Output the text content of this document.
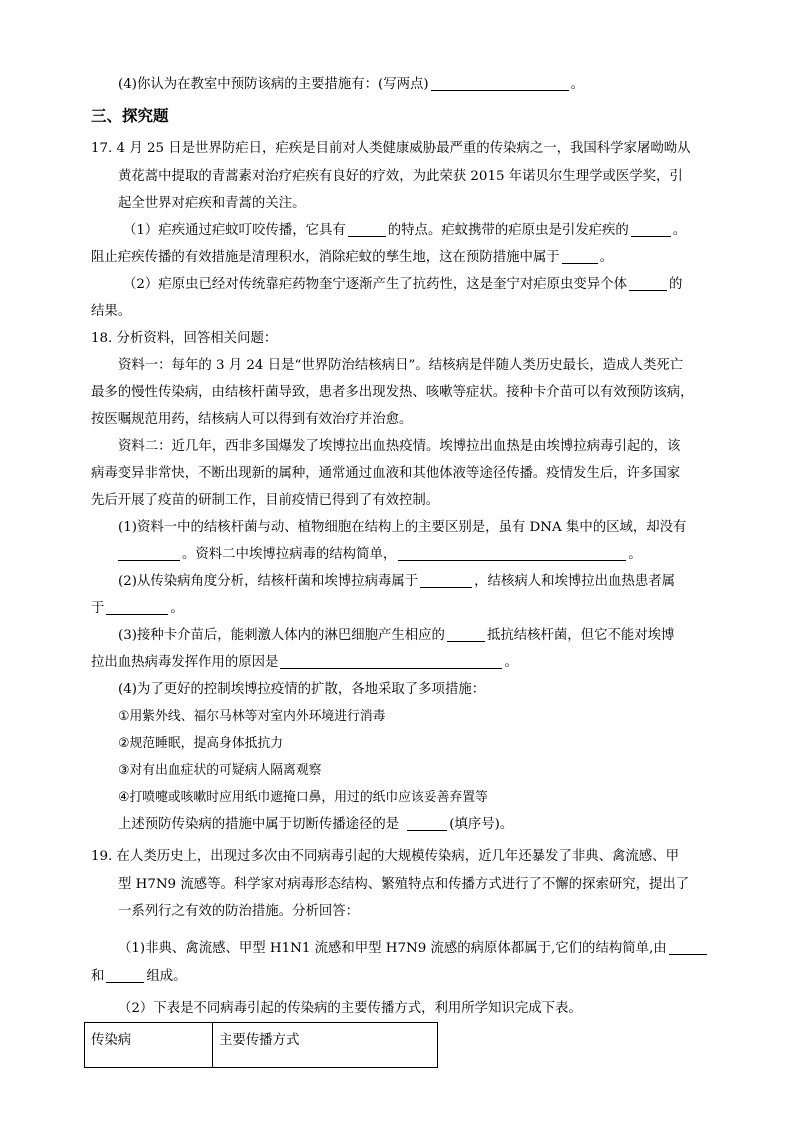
(4)你认为在教室中预防该病的主要措施有：(写两点)	。
三、探究题
17. 4 月 25 日是世界防疟日，疟疾是目前对人类健康威胁最严重的传染病之一，我国科学家屠呦呦从
黄花蒿中提取的青蒿素对治疗疟疾有良好的疗效，为此荣获 2015 年诺贝尔生理学或医学奖，引
起全世界对疟疾和青蒿的关注。
（1）疟疾通过疟蚊叮咬传播，它具有	的特点。疟蚊携带的疟原虫是引发疟疾的	。
阻止疟疾传播的有效措施是清理积水，消除疟蚊的孳生地，这在预防措施中属于	。
（2）疟原虫已经对传统靠疟药物奎宁逐渐产生了抗药性，这是奎宁对疟原虫变异个体	的
结果。
18. 分析资料，回答相关问题：
资料一：每年的 3 月 24 日是“世界防治结核病日”。结核病是伴随人类历史最长，造成人类死亡
最多的慢性传染病，由结核杆菌导致，患者多出现发热、咳嗽等症状。接种卡介苗可以有效预防该病，
按医嘱规范用药，结核病人可以得到有效治疗并治愈。
资料二：近几年，西非多国爆发了埃博拉出血热疫情。埃博拉出血热是由埃博拉病毒引起的，该
病毒变异非常快，不断出现新的属种，通常通过血液和其他体液等途径传播。疫情发生后，许多国家
先后开展了疫苗的研制工作，目前疫情已得到了有效控制。
(1)资料一中的结核杆菌与动、植物细胞在结构上的主要区别是，虽有 DNA 集中的区域，却没有
。资料二中埃博拉病毒的结构简单，	。
(2)从传染病角度分析，结核杆菌和埃博拉病毒属于	，结核病人和埃博拉出血热患者属
于	。
(3)接种卡介苗后，能刺激人体内的淋巴细胞产生相应的	抵抗结核杆菌，但它不能对埃博
拉出血热病毒发挥作用的原因是	。
(4)为了更好的控制埃博拉疫情的扩散，各地采取了多项措施：
①用紫外线、福尔马林等对室内外环境进行消毒
②规范睡眠，提高身体抵抗力
③对有出血症状的可疑病人隔离观察
④打喷嚏或咳嗽时应用纸巾遮掩口鼻，用过的纸巾应该妥善弃置等
上述预防传染病的措施中属于切断传播途径的是	(填序号)。
19. 在人类历史上，出现过多次由不同病毒引起的大规模传染病，近几年还暴发了非典、禽流感、甲
型 H7N9 流感等。科学家对病毒形态结构、繁殖特点和传播方式进行了不懈的探索研究，提出了
一系列行之有效的防治措施。分析回答：
（1)非典、禽流感、甲型 H1N1 流感和甲型 H7N9 流感的病原体都属于,它们的结构简单,由
和	组成。
（2）下表是不同病毒引起的传染病的主要传播方式，利用所学知识完成下表。
传染病	主要传播方式
